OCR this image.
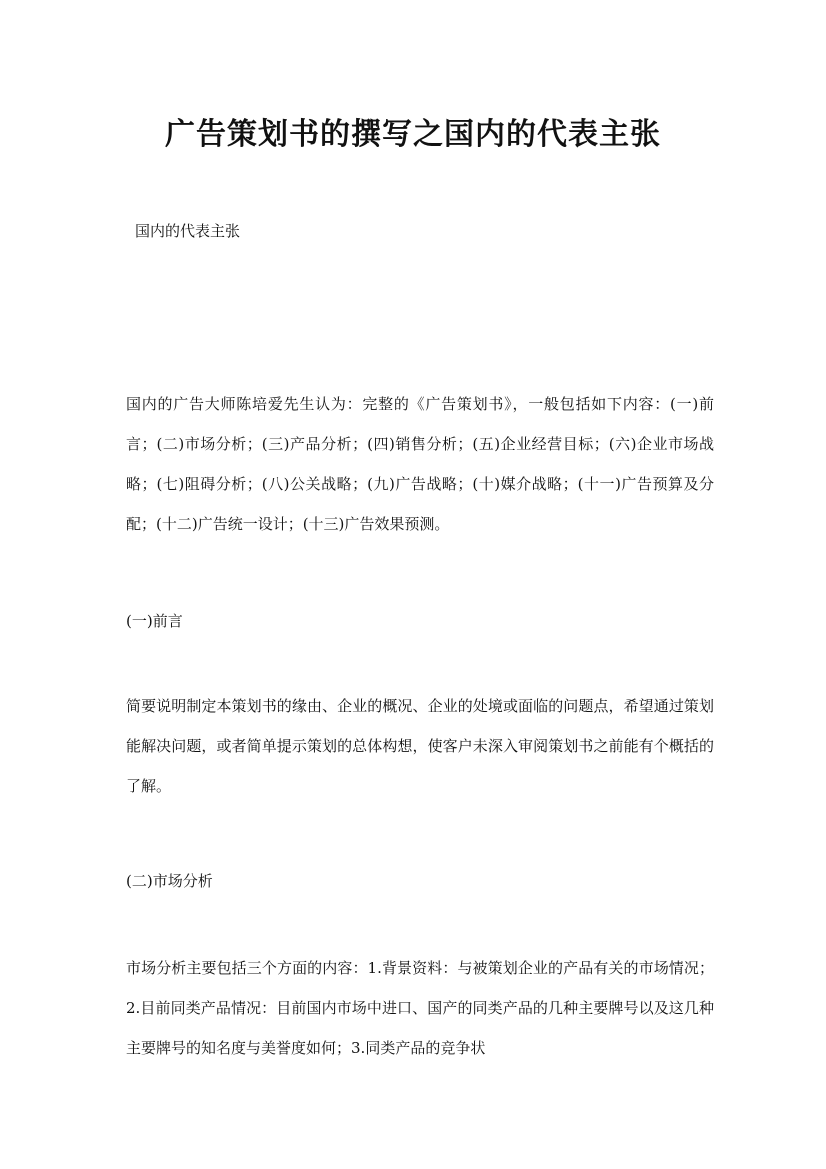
广告策划书的撰写之国内的代表主张

国内的代表主张

国内的广告大师陈培爱先生认为：完整的《广告策划书》，一般包括如下内容：(一)前言；(二)市场分析；(三)产品分析；(四)销售分析；(五)企业经营目标；(六)企业市场战略；(七)阻碍分析；(八)公关战略；(九)广告战略；(十)媒介战略；(十一)广告预算及分配；(十二)广告统一设计；(十三)广告效果预测。

(一)前言

简要说明制定本策划书的缘由、企业的概况、企业的处境或面临的问题点，希望通过策划能解决问题，或者简单提示策划的总体构想，使客户未深入审阅策划书之前能有个概括的了解。

(二)市场分析

市场分析主要包括三个方面的内容：1.背景资料：与被策划企业的产品有关的市场情况；2.目前同类产品情况：目前国内市场中进口、国产的同类产品的几种主要牌号以及这几种主要牌号的知名度与美誉度如何；3.同类产品的竞争状
